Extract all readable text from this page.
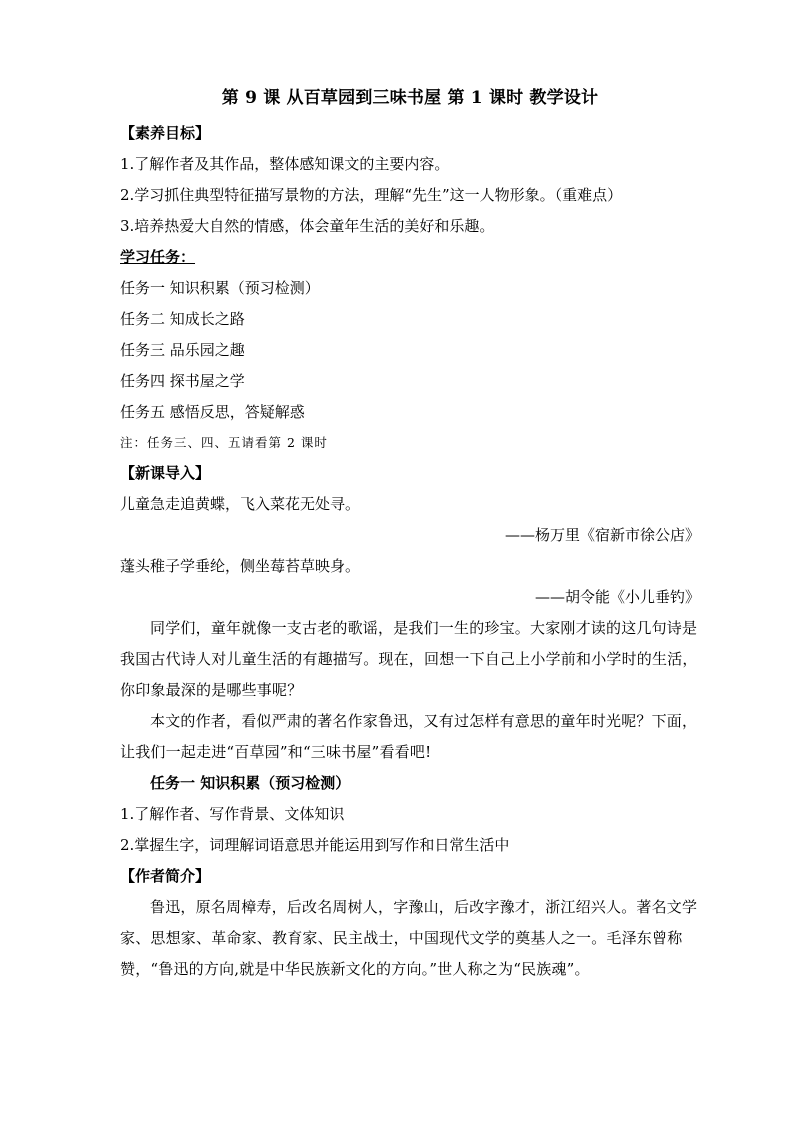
第 9 课 从百草园到三味书屋 第 1 课时 教学设计
【素养目标】
1.了解作者及其作品，整体感知课文的主要内容。
2.学习抓住典型特征描写景物的方法，理解“先生”这一人物形象。（重难点）
3.培养热爱大自然的情感，体会童年生活的美好和乐趣。
学习任务：
任务一 知识积累（预习检测）
任务二 知成长之路
任务三 品乐园之趣
任务四 探书屋之学
任务五 感悟反思，答疑解惑
注：任务三、四、五请看第 2 课时
【新课导入】
儿童急走追黄蝶，飞入菜花无处寻。
——杨万里《宿新市徐公店》
蓬头稚子学垂纶，侧坐莓苔草映身。
——胡令能《小儿垂钓》

同学们，童年就像一支古老的歌谣，是我们一生的珍宝。大家刚才读的这几句诗是我国古代诗人对儿童生活的有趣描写。现在，回想一下自己上小学前和小学时的生活，你印象最深的是哪些事呢？

本文的作者，看似严肃的著名作家鲁迅，又有过怎样有意思的童年时光呢？下面，让我们一起走进“百草园”和“三味书屋”看看吧!

任务一 知识积累（预习检测）
1.了解作者、写作背景、文体知识
2.掌握生字，词理解词语意思并能运用到写作和日常生活中
【作者简介】

鲁迅，原名周樟寿，后改名周树人，字豫山，后改字豫才，浙江绍兴人。著名文学家、思想家、革命家、教育家、民主战士，中国现代文学的奠基人之一。毛泽东曾称赞，“鲁迅的方向,就是中华民族新文化的方向。”世人称之为“民族魂”。
